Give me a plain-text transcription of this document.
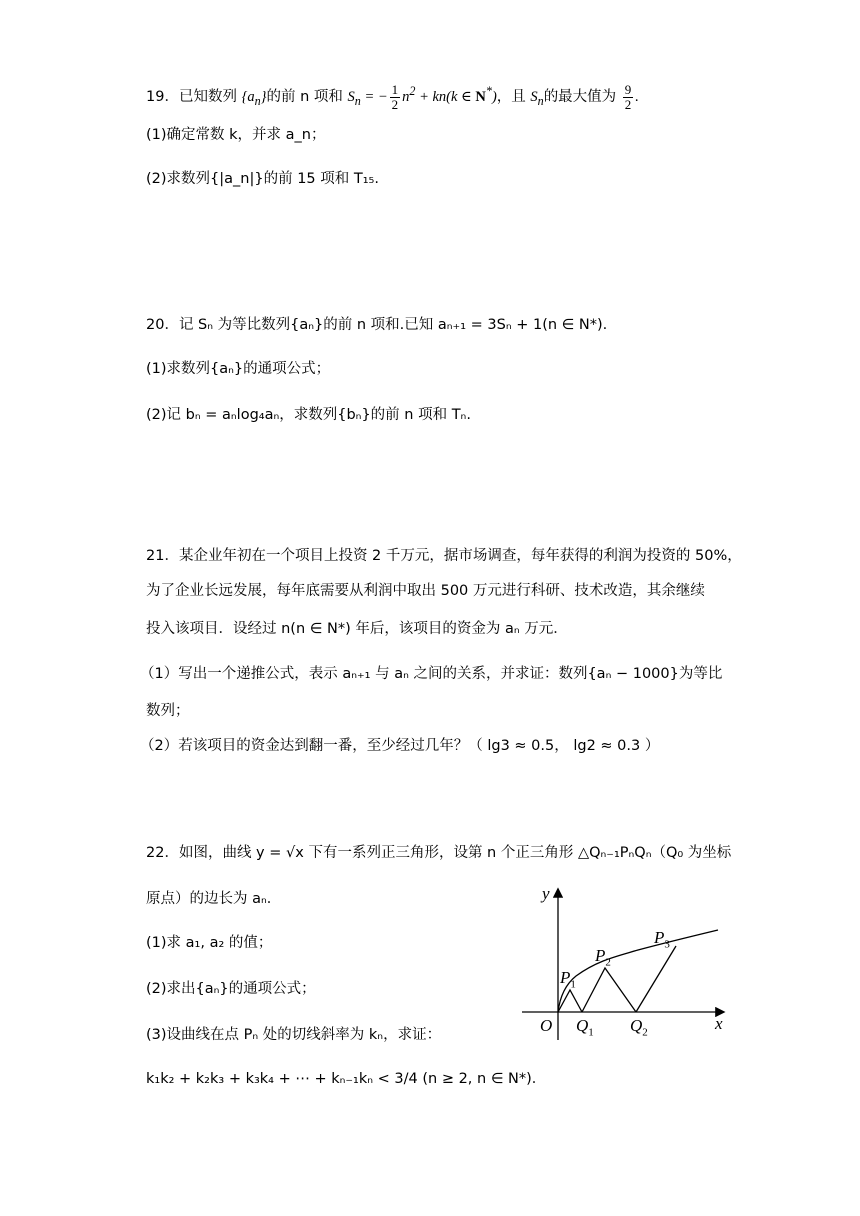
19．已知数列 $\{a_n\}$的前 n 项和 $S_n$ = − $\frac{1}{2} n^2 + kn(k$ ∈ N*)，且 $S_n$的最大值为 $\frac{9}{2}$ .
(1)确定常数 k，并求 a_n；
(2)求数列{|a_n|}的前 15 项和 T₁₅.
20．记 Sₙ 为等比数列{aₙ}的前 n 项和.已知 aₙ₊₁ = 3Sₙ + 1(n ∈ N*).
(1)求数列{aₙ}的通项公式；
(2)记 bₙ = aₙlog₄aₙ，求数列{bₙ}的前 n 项和 Tₙ.
21．某企业年初在一个项目上投资 2 千万元，据市场调查，每年获得的利润为投资的 50%，
为了企业长远发展，每年底需要从利润中取出 500 万元进行科研、技术改造，其余继续
投入该项目．设经过 n(n ∈ N*) 年后，该项目的资金为 aₙ 万元．
（1）写出一个递推公式，表示 aₙ₊₁ 与 aₙ 之间的关系，并求证：数列{aₙ − 1000}为等比
数列；
（2）若该项目的资金达到翻一番，至少经过几年？（ lg3 ≈ 0.5， lg2 ≈ 0.3 ）
22．如图，曲线 y = √x 下有一系列正三角形，设第 n 个正三角形 △Qₙ₋₁PₙQₙ（Q₀ 为坐标
原点）的边长为 aₙ．
(1)求 a₁, a₂ 的值；
(2)求出{aₙ}的通项公式；
(3)设曲线在点 Pₙ 处的切线斜率为 kₙ，求证：
k₁k₂ + k₂k₃ + k₃k₄ + ⋯ + kₙ₋₁kₙ < 3/4 (n ≥ 2, n ∈ N*)．
y
x
O
$P_1$
$P_2$
$P_3$
$Q_1$ $Q_2$
